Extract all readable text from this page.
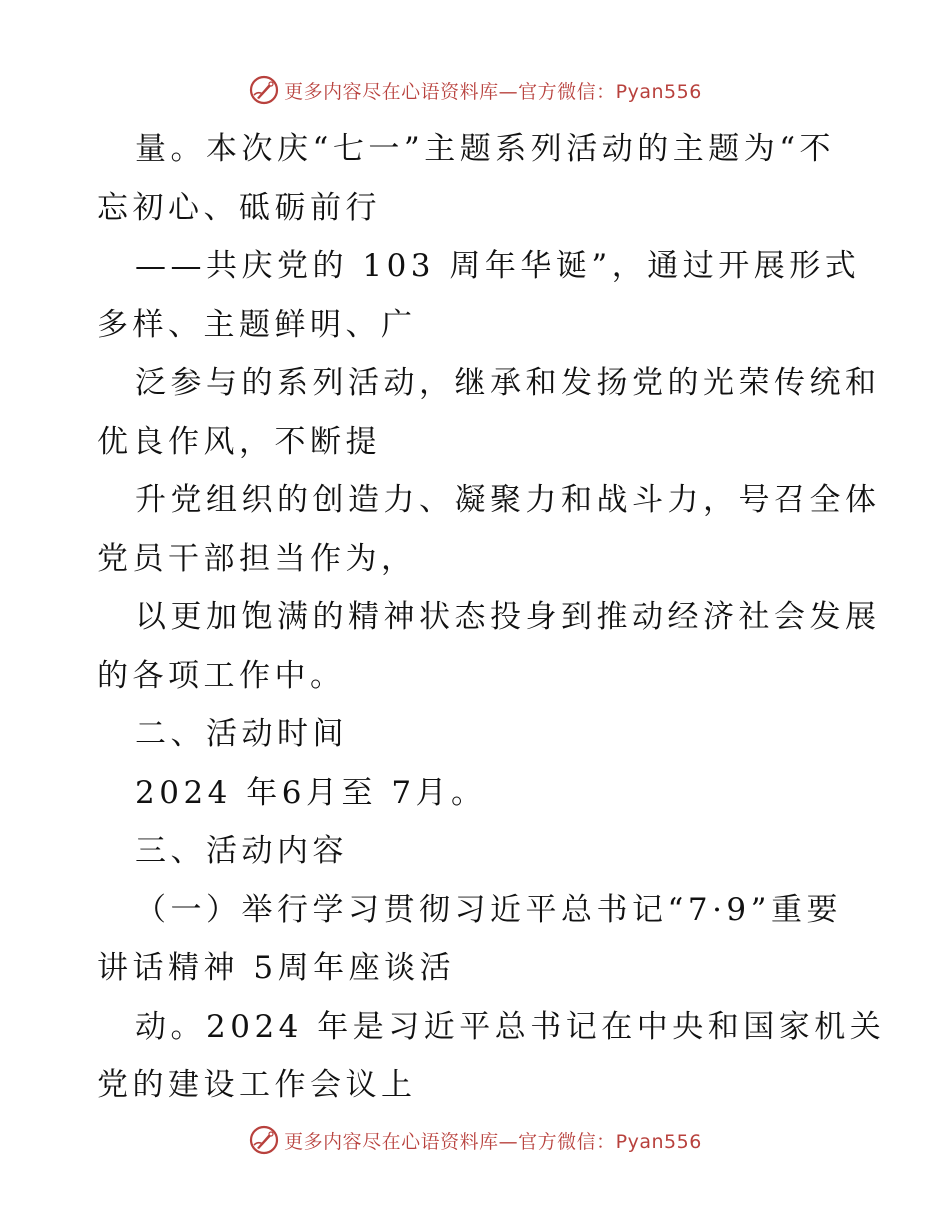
更多内容尽在心语资料库—官方微信：Pyan556
量。本次庆“七一”主题系列活动的主题为“不
忘初心、砥砺前行
——共庆党的 103 周年华诞”，通过开展形式
多样、主题鲜明、广
泛参与的系列活动，继承和发扬党的光荣传统和
优良作风，不断提
升党组织的创造力、凝聚力和战斗力，号召全体
党员干部担当作为，
以更加饱满的精神状态投身到推动经济社会发展
的各项工作中。
二、活动时间
2024 年6月至 7月。
三、活动内容
（一）举行学习贯彻习近平总书记“7·9”重要
讲话精神 5周年座谈活
动。2024 年是习近平总书记在中央和国家机关
党的建设工作会议上
更多内容尽在心语资料库—官方微信：Pyan556
